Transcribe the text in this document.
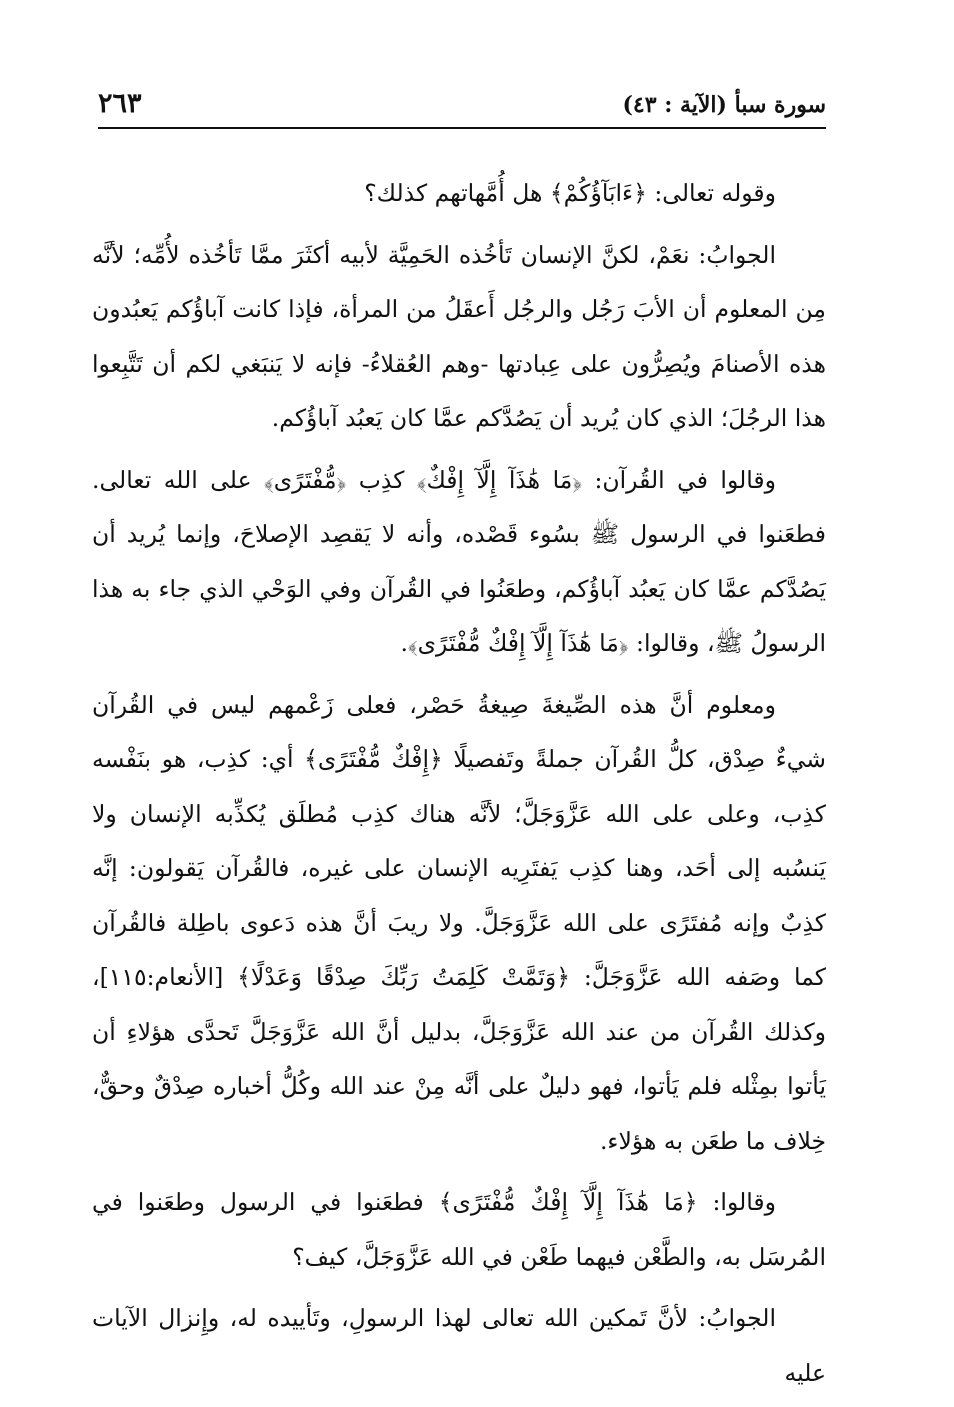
سورة سبأ (الآية : ٤٣)
٢٦٣

وقوله تعالى: ﴿ءَابَآؤُكُمْ﴾ هل أُمَّهاتهم كذلك؟

الجوابُ: نعَمْ، لكنَّ الإنسان تَأخُذه الحَمِيَّة لأبيه أكثَرَ ممَّا تَأخُذه لأُمِّه؛ لأنَّه مِن المعلوم أن الأبَ رَجُل والرجُل أَعقَلُ من المرأة، فإذا كانت آباؤُكم يَعبُدون هذه الأصنامَ ويُصِرُّون على عِبادتها -وهم العُقلاءُ- فإنه لا يَنبَغي لكم أن تَتَّبِعوا هذا الرجُلَ؛ الذي كان يُريد أن يَصُدَّكم عمَّا كان يَعبُد آباؤُكم.

وقالوا في القُرآن: ﴿مَا هَٰذَآ إِلَّآ إِفْكٌ﴾ كذِب ﴿مُّفْتَرًى﴾ على الله تعالى. فطعَنوا في الرسول ﷺ بسُوء قَصْده، وأنه لا يَقصِد الإصلاحَ، وإنما يُريد أن يَصُدَّكم عمَّا كان يَعبُد آباؤُكم، وطعَنُوا في القُرآن وفي الوَحْي الذي جاء به هذا الرسولُ ﷺ، وقالوا: ﴿مَا هَٰذَآ إِلَّآ إِفْكٌ مُّفْتَرًى﴾.

ومعلوم أنَّ هذه الصِّيغةَ صِيغةُ حَصْر، فعلى زَعْمهم ليس في القُرآن شيءٌ صِدْق، كلُّ القُرآن جملةً وتَفصيلًا ﴿إِفْكٌ مُّفْتَرًى﴾ أي: كذِب، هو بنَفْسه كذِب، وعلى على الله عَزَّوَجَلَّ؛ لأنَّه هناك كذِب مُطلَق يُكذِّبه الإنسان ولا يَنسُبه إلى أحَد، وهنا كذِب يَفتَرِيه الإنسان على غيره، فالقُرآن يَقولون: إنَّه كذِبٌ وإنه مُفتَرًى على الله عَزَّوَجَلَّ. ولا ريبَ أنَّ هذه دَعوى باطِلة فالقُرآن كما وصَفه الله عَزَّوَجَلَّ: ﴿وَتَمَّتْ كَلِمَتُ رَبِّكَ صِدْقًا وَعَدْلًا﴾ [الأنعام:١١٥]، وكذلك القُرآن من عند الله عَزَّوَجَلَّ، بدليل أنَّ الله عَزَّوَجَلَّ تَحدَّى هؤلاءِ أن يَأتوا بمِثْله فلم يَأتوا، فهو دليلٌ على أنَّه مِنْ عند الله وكُلُّ أخباره صِدْقٌ وحقٌّ، خِلاف ما طعَن به هؤلاء.

وقالوا: ﴿مَا هَٰذَآ إِلَّآ إِفْكٌ مُّفْتَرًى﴾ فطعَنوا في الرسول وطعَنوا في المُرسَل به، والطَّعْن فيهما طَعْن في الله عَزَّوَجَلَّ، كيف؟

الجوابُ: لأنَّ تَمكين الله تعالى لهذا الرسولِ، وتَأييده له، وإِنزال الآيات عليه
